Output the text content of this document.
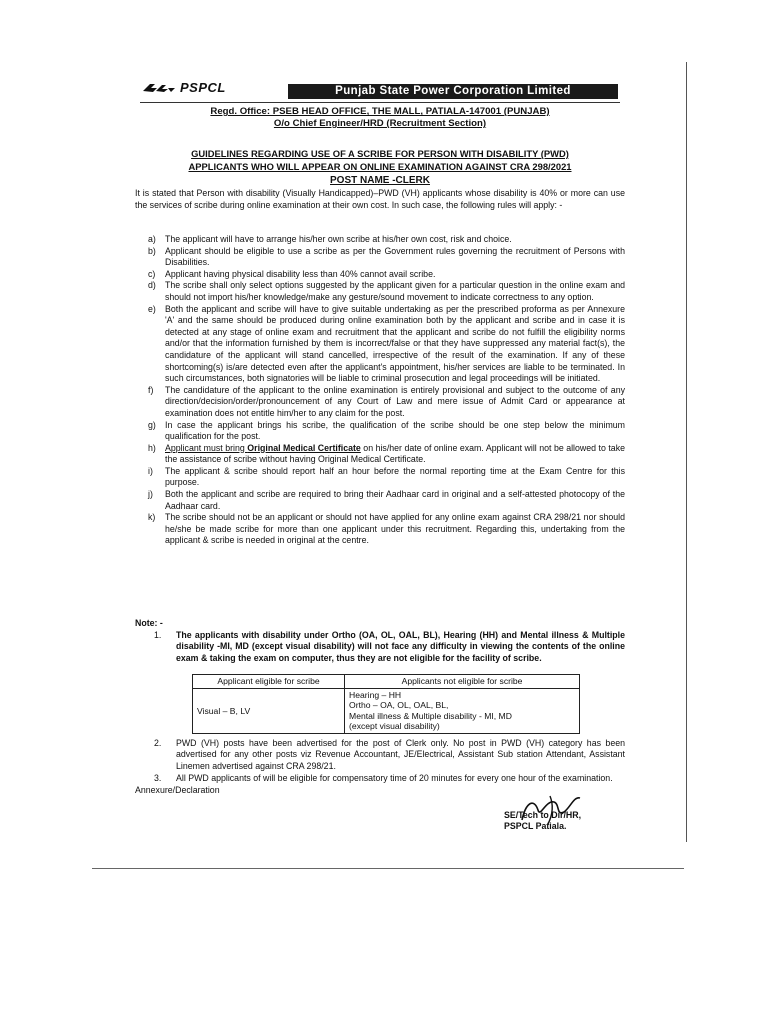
PSPCL	Punjab State Power Corporation Limited
Regd. Office: PSEB HEAD OFFICE, THE MALL, PATIALA-147001 (PUNJAB)
O/o Chief Engineer/HRD (Recruitment Section)
GUIDELINES REGARDING USE OF A SCRIBE FOR PERSON WITH DISABILITY (PWD)
APPLICANTS WHO WILL APPEAR ON ONLINE EXAMINATION AGAINST CRA 298/2021
POST NAME -CLERK

It is stated that Person with disability (Visually Handicapped)–PWD (VH) applicants whose disability is 40% or more can use the services of scribe during online examination at their own cost. In such case, the following rules will apply: -

a)	The applicant will have to arrange his/her own scribe at his/her own cost, risk and choice.
b)	Applicant should be eligible to use a scribe as per the Government rules governing the recruitment of Persons with Disabilities.
c)	Applicant having physical disability less than 40% cannot avail scribe.
d)	The scribe shall only select options suggested by the applicant given for a particular question in the online exam and should not import his/her knowledge/make any gesture/sound movement to indicate correctness to any option.
e)	Both the applicant and scribe will have to give suitable undertaking as per the prescribed proforma as per Annexure 'A' and the same should be produced during online examination both by the applicant and scribe and in case it is detected at any stage of online exam and recruitment that the applicant and scribe do not fulfill the eligibility norms and/or that the information furnished by them is incorrect/false or that they have suppressed any material fact(s), the candidature of the applicant will stand cancelled, irrespective of the result of the examination. If any of these shortcoming(s) is/are detected even after the applicant's appointment, his/her services are liable to be terminated. In such circumstances, both signatories will be liable to criminal prosecution and legal proceedings will be initiated.
f)	The candidature of the applicant to the online examination is entirely provisional and subject to the outcome of any direction/decision/order/pronouncement of any Court of Law and mere issue of Admit Card or appearance at examination does not entitle him/her to any claim for the post.
g)	In case the applicant brings his scribe, the qualification of the scribe should be one step below the minimum qualification for the post.
h)	Applicant must bring Original Medical Certificate on his/her date of online exam. Applicant will not be allowed to take the assistance of scribe without having Original Medical Certificate.
i)	The applicant & scribe should report half an hour before the normal reporting time at the Exam Centre for this purpose.
j)	Both the applicant and scribe are required to bring their Aadhaar card in original and a self-attested photocopy of the Aadhaar card.
k)	The scribe should not be an applicant or should not have applied for any online exam against CRA 298/21 nor should he/she be made scribe for more than one applicant under this recruitment. Regarding this, undertaking from the applicant & scribe is needed in original at the centre.
Note: -
1.	The applicants with disability under Ortho (OA, OL, OAL, BL), Hearing (HH) and Mental illness & Multiple disability -MI, MD (except visual disability) will not face any difficulty in viewing the contents of the online exam & taking the exam on computer, thus they are not eligible for the facility of scribe.
Applicant eligible for scribe	Applicants not eligible for scribe
Visual – B, LV	Hearing – HH
Ortho – OA, OL, OAL, BL,
Mental illness & Multiple disability - MI, MD
(except visual disability)
2.	PWD (VH) posts have been advertised for the post of Clerk only. No post in PWD (VH) category has been advertised for any other posts viz Revenue Accountant, JE/Electrical, Assistant Sub station Attendant, Assistant Linemen advertised against CRA 298/21.
3.	All PWD applicants of will be eligible for compensatory time of 20 minutes for every one hour of the examination.
Annexure/Declaration
SE/Tech to Dir/HR,
PSPCL Patiala.
